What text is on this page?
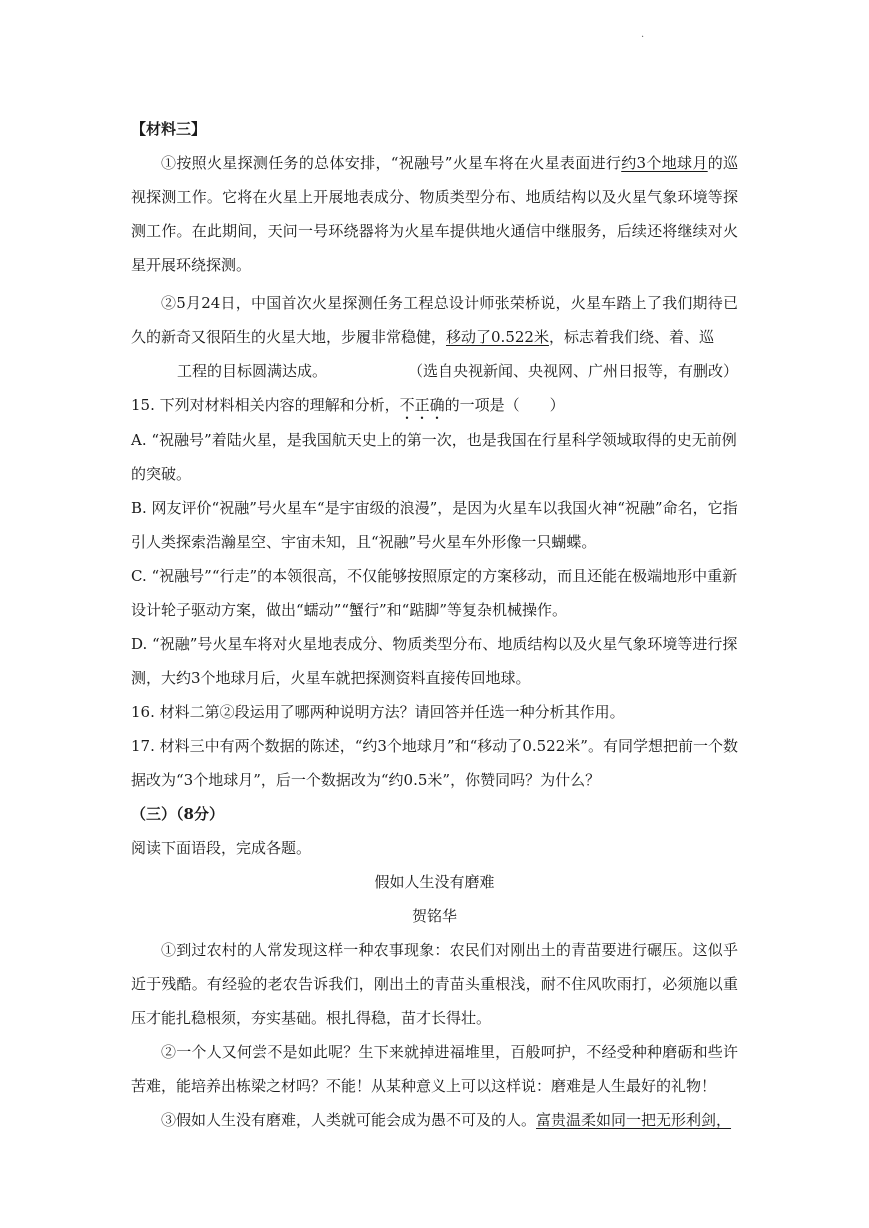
·

【材料三】

①按照火星探测任务的总体安排，“祝融号”火星车将在火星表面进行约3个地球月的巡视探测工作。它将在火星上开展地表成分、物质类型分布、地质结构以及火星气象环境等探测工作。在此期间，天问一号环绕器将为火星车提供地火通信中继服务，后续还将继续对火星开展环绕探测。

②5月24日，中国首次火星探测任务工程总设计师张荣桥说，火星车踏上了我们期待已久的新奇又很陌生的火星大地，步履非常稳健，移动了0.522米，标志着我们绕、着、巡

工程的目标圆满达成。	（选自央视新闻、央视网、广州日报等，有删改）

15. 下列对材料相关内容的理解和分析，不正确的一项是（　　）

A. “祝融号”着陆火星，是我国航天史上的第一次，也是我国在行星科学领域取得的史无前例的突破。

B. 网友评价“祝融”号火星车“是宇宙级的浪漫”，是因为火星车以我国火神“祝融”命名，它指引人类探索浩瀚星空、宇宙未知，且“祝融”号火星车外形像一只蝴蝶。

C. “祝融号”“行走”的本领很高，不仅能够按照原定的方案移动，而且还能在极端地形中重新设计轮子驱动方案，做出“蠕动”“蟹行”和“踮脚”等复杂机械操作。

D. “祝融”号火星车将对火星地表成分、物质类型分布、地质结构以及火星气象环境等进行探测，大约3个地球月后，火星车就把探测资料直接传回地球。

16. 材料二第②段运用了哪两种说明方法？请回答并任选一种分析其作用。

17. 材料三中有两个数据的陈述，“约3个地球月”和“移动了0.522米”。有同学想把前一个数据改为“3个地球月”，后一个数据改为“约0.5米”，你赞同吗？为什么？

（三）（8分）

阅读下面语段，完成各题。

假如人生没有磨难

贺铭华

①到过农村的人常发现这样一种农事现象：农民们对刚出土的青苗要进行碾压。这似乎近于残酷。有经验的老农告诉我们，刚出土的青苗头重根浅，耐不住风吹雨打，必须施以重压才能扎稳根须，夯实基础。根扎得稳，苗才长得壮。

②一个人又何尝不是如此呢？生下来就掉进福堆里，百般呵护，不经受种种磨砺和些许苦难，能培养出栋梁之材吗？不能！从某种意义上可以这样说：磨难是人生最好的礼物！

③假如人生没有磨难，人类就可能会成为愚不可及的人。富贵温柔如同一把无形利剑，
